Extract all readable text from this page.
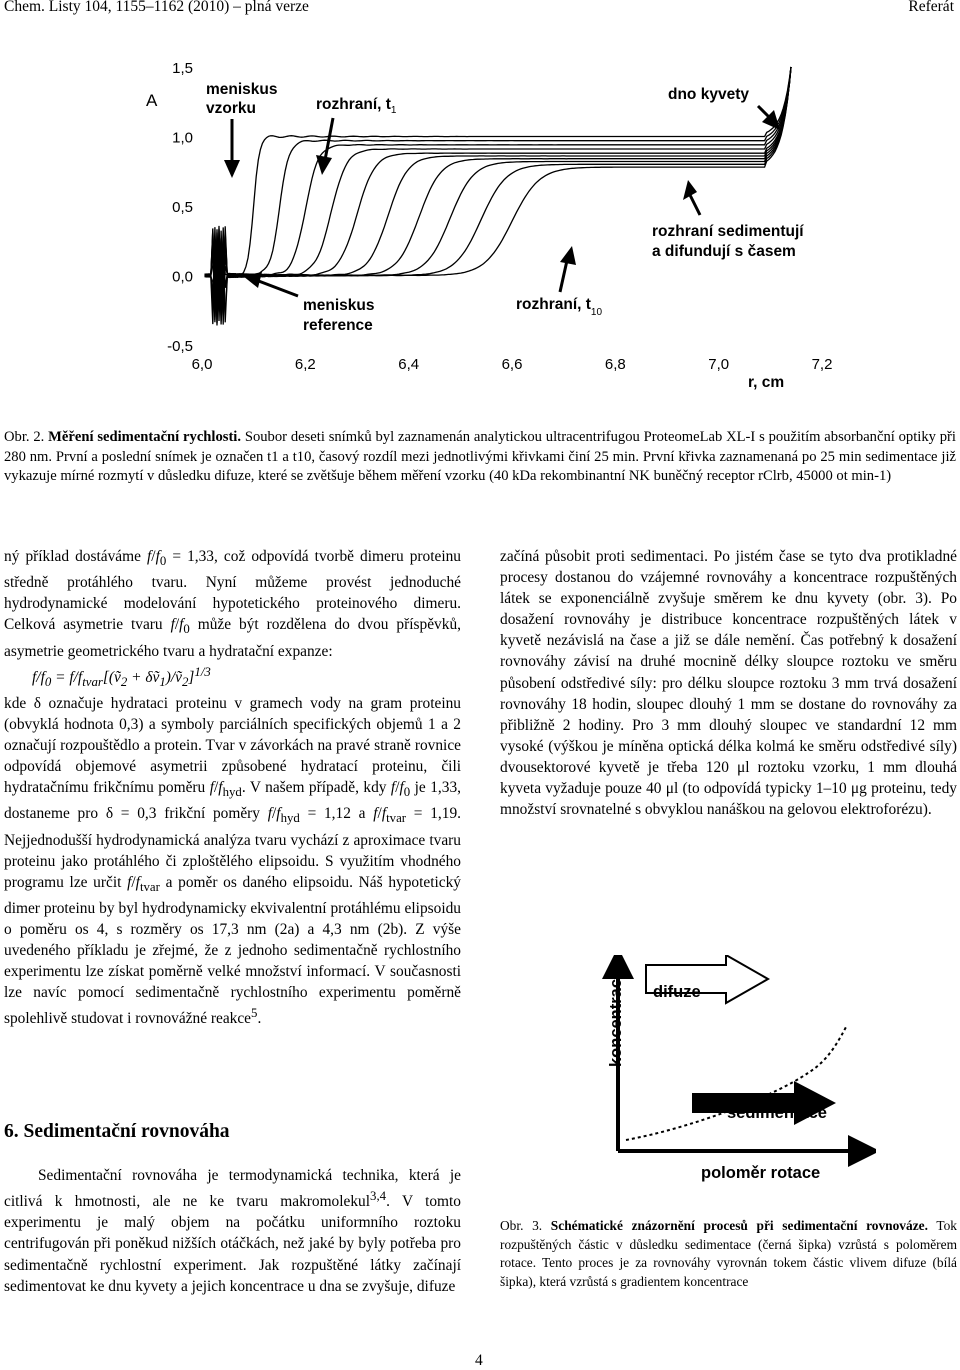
Chem. Listy 104, 1155–1162 (2010) – plná verze	Referát
1,5
1,0
0,5
0,0
-0,5
6,0	6,2	6,4	6,6	6,8	7,0	7,2
A
meniskus
vzorku	rozhraní, $t_1$
dno kyvety
rozhraní sedimentují
a difundují s časem
meniskus
reference
rozhraní, $t_{10}$
r, cm
Obr. 2. Měření sedimentační rychlosti. Soubor deseti snímků byl zaznamenán analytickou ultracentrifugou ProteomeLab XL-I s použitím absorbanční optiky při 280 nm. První a poslední snímek je označen t1 a t10, časový rozdíl mezi jednotlivými křivkami činí 25 min. První křivka zaznamenaná po 25 min sedimentace již vykazuje mírné rozmytí v důsledku difuze, které se zvětšuje během měření vzorku (40 kDa rekombinantní NK buněčný receptor rClrb, 45000 ot min-1)

ný příklad dostáváme $f/f_0 = 1,33$, což odpovídá tvorbě dimeru proteinu středně protáhlého tvaru. Nyní můžeme provést jednoduché hydrodynamické modelování hypotetického proteinového dimeru. Celková asymetrie tvaru $f/f_0$ může být rozdělena do dvou příspěvků, asymetrie geometrického tvaru a hydratační expanze:

$f/f_0$ = $f/f_{tvar}[(ṽ_2$ + δṽ$_1$)/ṽ$_2$]$^{1/3}$

kde δ označuje hydrataci proteinu v gramech vody na gram proteinu (obvyklá hodnota 0,3) a symboly parciálních specifických objemů 1 a 2 označují rozpouštědlo a protein. Tvar v závorkách na pravé straně rovnice odpovídá objemové asymetrii způsobené hydratací proteinu, čili hydratačnímu frikčnímu poměru $f/f_{hyd}$. V našem případě, kdy $f/f_0$ je 1,33, dostaneme pro δ = 0,3 frikční poměry $f/f_{hyd} = 1,12$ a $f/f_{tvar} = 1,19$. Nejjednodušší hydrodynamická analýza tvaru vychází z aproximace tvaru proteinu jako protáhlého či zploštělého elipsoidu. S využitím vhodného programu lze určit $f/f_{tvar}$ a poměr os daného elipsoidu. Náš hypotetický dimer proteinu by byl hydrodynamicky ekvivalentní protáhlému elipsoidu o poměru os 4, s rozměry os 17,3 nm (2a) a 4,3 nm (2b). Z výše uvedeného příkladu je zřejmé, že z jednoho sedimentačně rychlostního experimentu lze získat poměrně velké množství informací. V současnosti lze navíc pomocí sedimentačně rychlostního experimentu poměrně spolehlivě studovat i rovnovážné reakce$^5$.

6. Sedimentační rovnováha

Sedimentační rovnováha je termodynamická technika, která je citlivá k hmotnosti, ale ne ke tvaru makromolekul$^{3,4}$. V tomto experimentu je malý objem na počátku uniformního roztoku centrifugován při poněkud nižších otáčkách, než jaké by byly potřeba pro sedimentačně rychlostní experiment. Jak rozpuštěné látky začínají sedimentovat ke dnu kyvety a jejich koncentrace u dna se zvyšuje, difuze

začíná působit proti sedimentaci. Po jistém čase se tyto dva protikladné procesy dostanou do vzájemné rovnováhy a koncentrace rozpuštěných látek se exponenciálně zvyšuje směrem ke dnu kyvety (obr. 3). Po dosažení rovnováhy je distribuce koncentrace rozpuštěných látek v kyvetě nezávislá na čase a již se dále nemění. Čas potřebný k dosažení rovnováhy závisí na druhé mocnině délky sloupce roztoku ve směru působení odstředivé síly: pro délku sloupce roztoku 3 mm trvá dosažení rovnováhy 18 hodin, sloupec dlouhý 1 mm se dostane do rovnováhy za přibližně 2 hodiny. Pro 3 mm dlouhý sloupec ve standardní 12 mm vysoké (výškou je míněna optická délka kolmá ke směru odstředivé síly) dvousektorové kyvetě je třeba 120 μl roztoku vzorku, 1 mm dlouhá kyveta vyžaduje pouze 40 μl (to odpovídá typicky 1–10 μg proteinu, tedy množství srovnatelné s obvyklou nanáškou na gelovou elektroforézu).

koncentrace difuze
sedimentace
poloměr rotace
Obr. 3. Schématické znázornění procesů při sedimentační rovnováze. Tok rozpuštěných částic v důsledku sedimentace (černá šipka) vzrůstá s poloměrem rotace. Tento proces je za rovnováhy vyrovnán tokem částic vlivem difuze (bílá šipka), která vzrůstá s gradientem koncentrace
4
